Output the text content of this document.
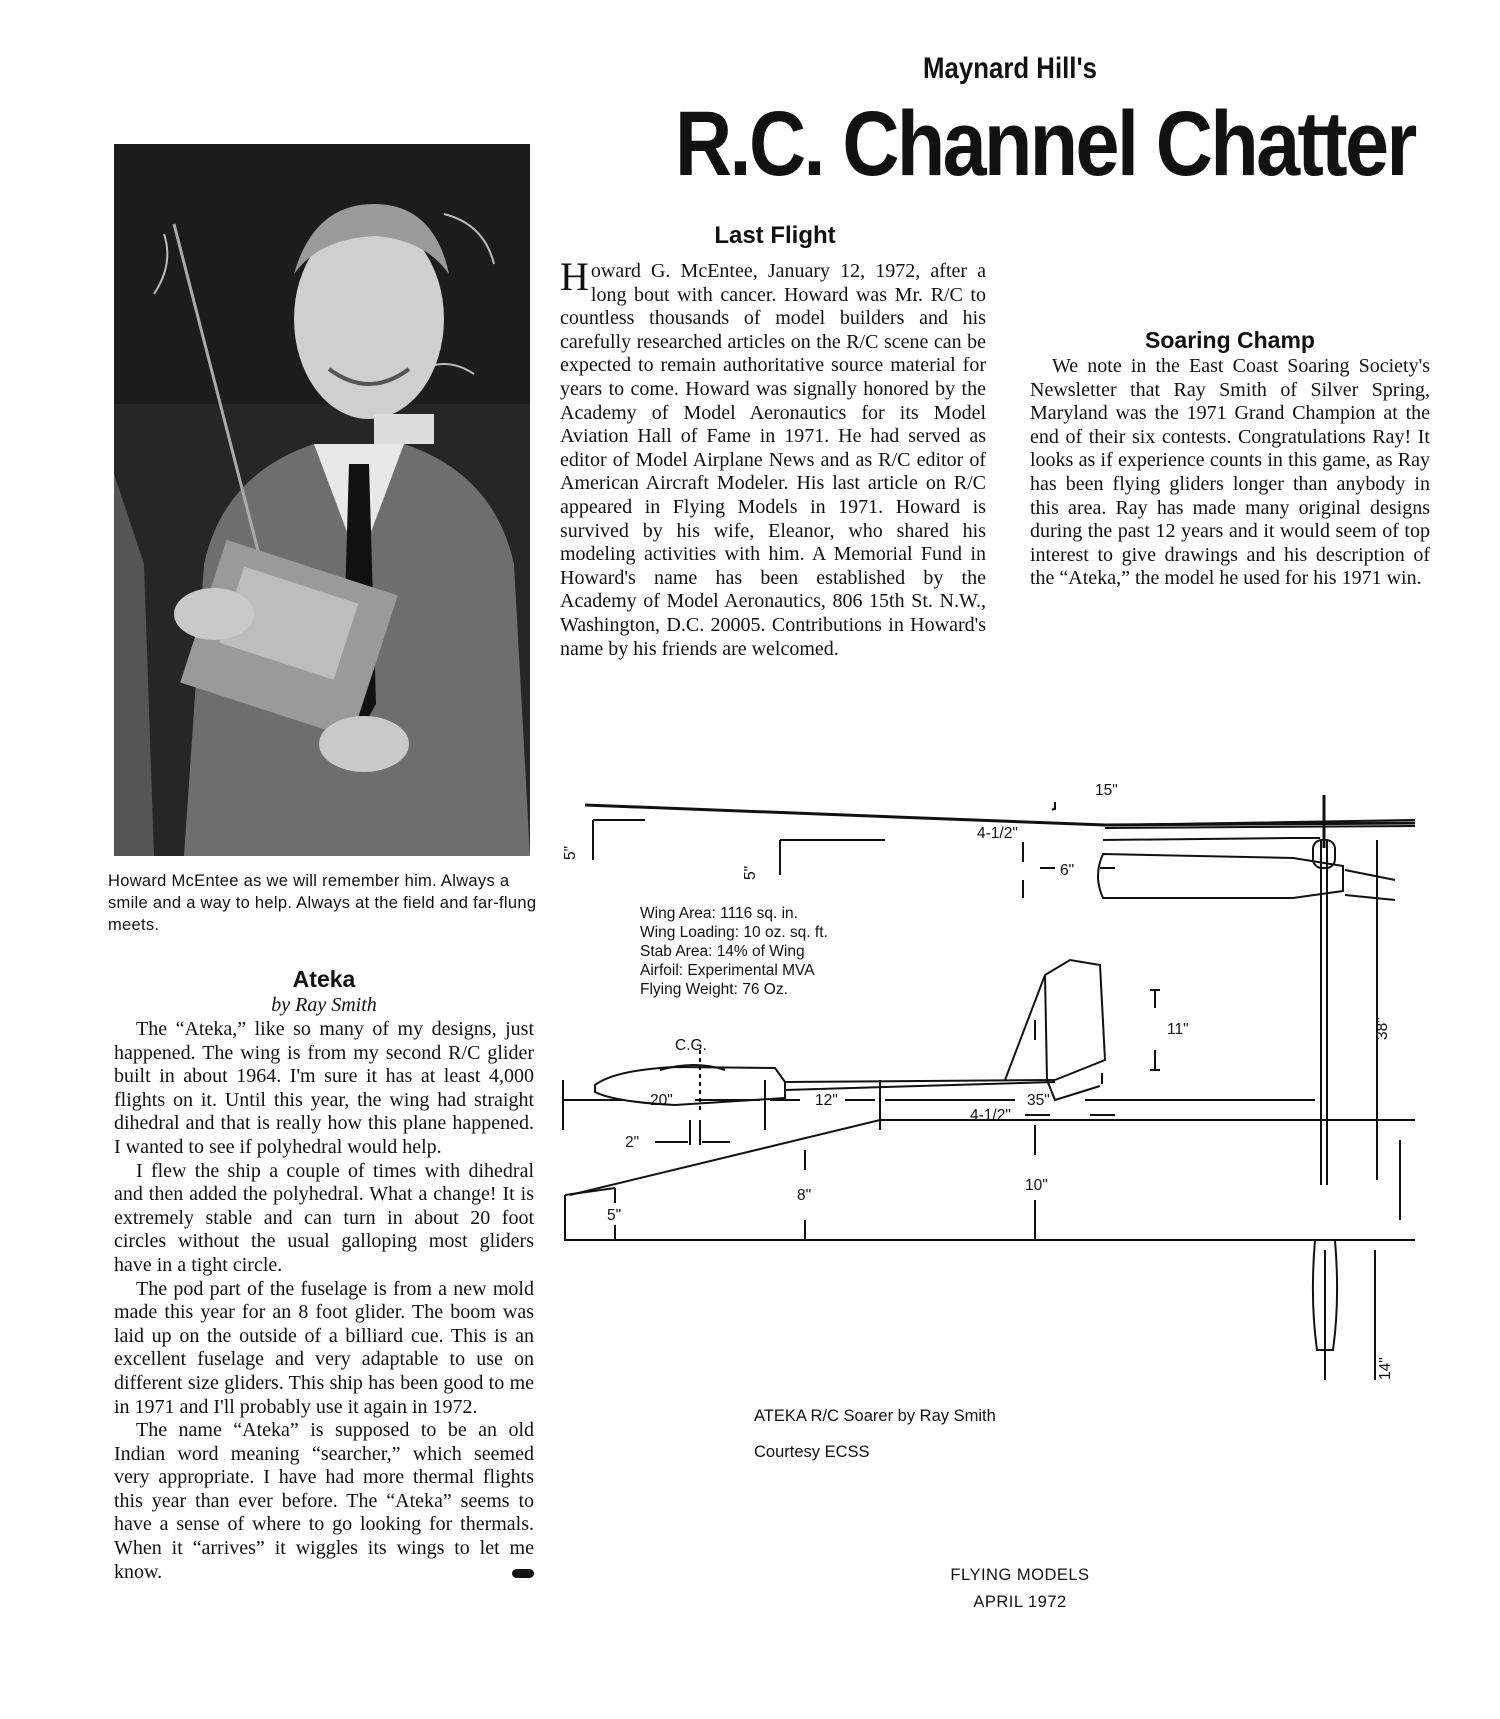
Maynard Hill's
R.C. Channel Chatter
Howard McEntee as we will remember him. Always a smile and a way to help. Always at the field and far-flung meets.
Last Flight
Howard G. McEntee, January 12, 1972, after a long bout with cancer. Howard was Mr. R/C to countless thousands of model builders and his carefully researched articles on the R/C scene can be expected to remain authoritative source material for years to come. Howard was signally honored by the Academy of Model Aeronautics for its Model Aviation Hall of Fame in 1971. He had served as editor of Model Airplane News and as R/C editor of American Aircraft Modeler. His last article on R/C appeared in Flying Models in 1971. Howard is survived by his wife, Eleanor, who shared his modeling activities with him. A Memorial Fund in Howard's name has been established by the Academy of Model Aeronautics, 806 15th St. N.W., Washington, D.C. 20005. Contributions in Howard's name by his friends are welcomed.
Soaring Champ
We note in the East Coast Soaring Society's Newsletter that Ray Smith of Silver Spring, Maryland was the 1971 Grand Champion at the end of their six contests. Congratulations Ray! It looks as if experience counts in this game, as Ray has been flying gliders longer than anybody in this area. Ray has made many original designs during the past 12 years and it would seem of top interest to give drawings and his description of the “Ateka,” the model he used for his 1971 win.
Ateka
by Ray Smith

The “Ateka,” like so many of my designs, just happened. The wing is from my second R/C glider built in about 1964. I'm sure it has at least 4,000 flights on it. Until this year, the wing had straight dihedral and that is really how this plane happened. I wanted to see if polyhedral would help.

I flew the ship a couple of times with dihedral and then added the polyhedral. What a change! It is extremely stable and can turn in about 20 foot circles without the usual galloping most gliders have in a tight circle.

The pod part of the fuselage is from a new mold made this year for an 8 foot glider. The boom was laid up on the outside of a billiard cue. This is an excellent fuselage and very adaptable to use on different size gliders. This ship has been good to me in 1971 and I'll probably use it again in 1972.

The name “Ateka” is supposed to be an old Indian word meaning “searcher,” which seemed very appropriate. I have had more thermal flights this year than ever before. The “Ateka” seems to have a sense of where to go looking for thermals. When it “arrives” it wiggles its wings to let me know.

5"
5"
15"
4-1/2"
6"
11"
C.G.
2"
4-1/2"
38"
20"	12"	35"
10"
8"
5"
14"
Wing Area: 1116 sq. in.
Wing Loading: 10 oz. sq. ft.
Stab Area: 14% of Wing
Airfoil: Experimental MVA
Flying Weight: 76 Oz.
ATEKA R/C Soarer by Ray Smith
Courtesy ECSS
FLYING MODELS
APRIL 1972
